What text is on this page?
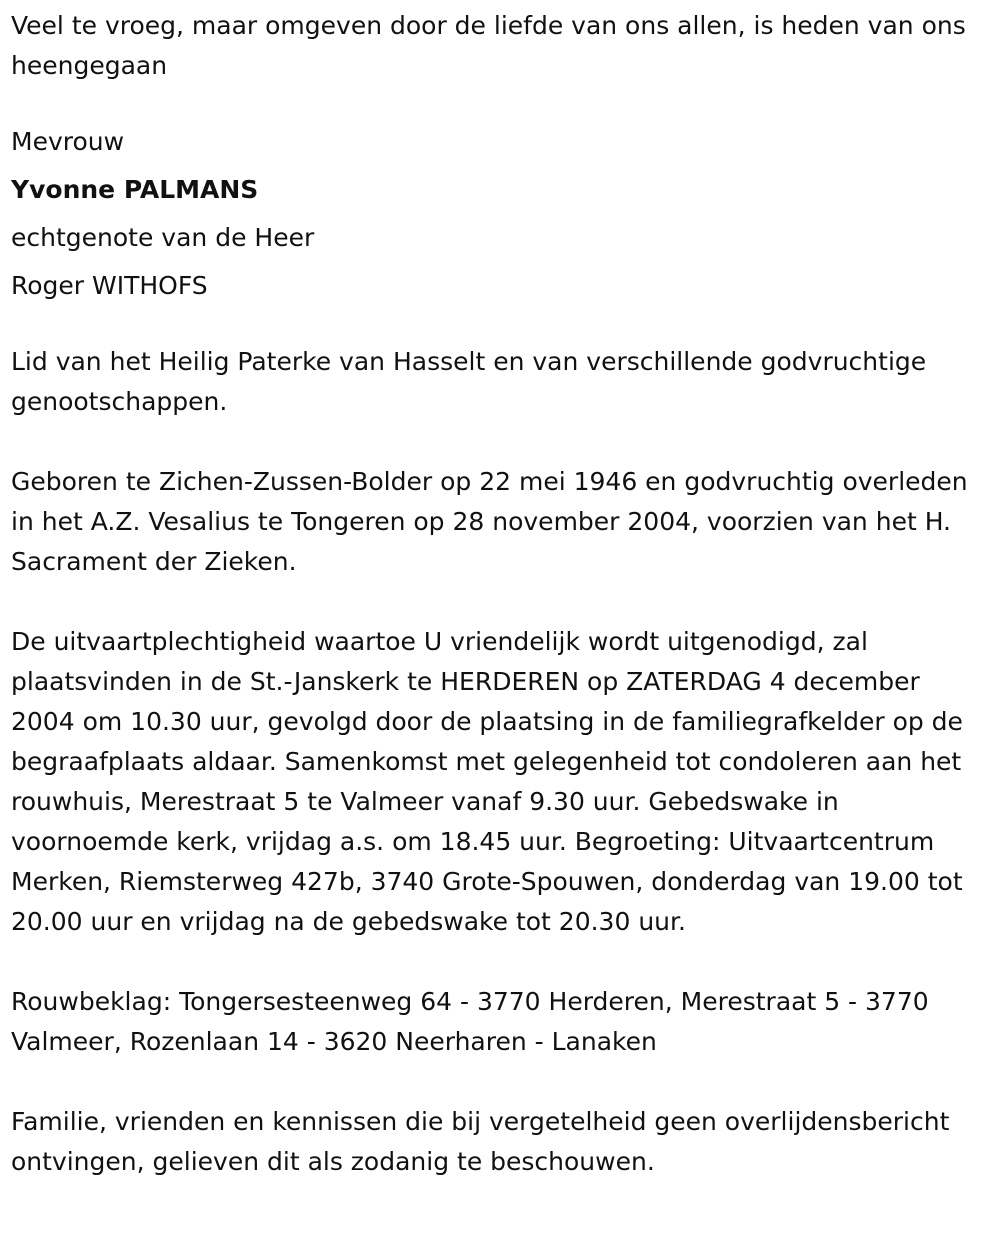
Veel te vroeg, maar omgeven door de liefde van ons allen, is heden van ons heengegaan

Mevrouw

Yvonne PALMANS

echtgenote van de Heer

Roger WITHOFS

Lid van het Heilig Paterke van Hasselt en van verschillende godvruchtige genootschappen.

Geboren te Zichen-Zussen-Bolder op 22 mei 1946 en godvruchtig overleden in het A.Z. Vesalius te Tongeren op 28 november 2004, voorzien van het H. Sacrament der Zieken.

De uitvaartplechtigheid waartoe U vriendelijk wordt uitgenodigd, zal plaatsvinden in de St.-Janskerk te HERDEREN op ZATERDAG 4 december 2004 om 10.30 uur, gevolgd door de plaatsing in de familiegrafkelder op de begraafplaats aldaar. Samenkomst met gelegenheid tot condoleren aan het rouwhuis, Merestraat 5 te Valmeer vanaf 9.30 uur. Gebedswake in voornoemde kerk, vrijdag a.s. om 18.45 uur. Begroeting: Uitvaartcentrum Merken, Riemsterweg 427b, 3740 Grote-Spouwen, donderdag van 19.00 tot 20.00 uur en vrijdag na de gebedswake tot 20.30 uur.

Rouwbeklag: Tongersesteenweg 64 - 3770 Herderen, Merestraat 5 - 3770 Valmeer, Rozenlaan 14 - 3620 Neerharen - Lanaken

Familie, vrienden en kennissen die bij vergetelheid geen overlijdensbericht ontvingen, gelieven dit als zodanig te beschouwen.
